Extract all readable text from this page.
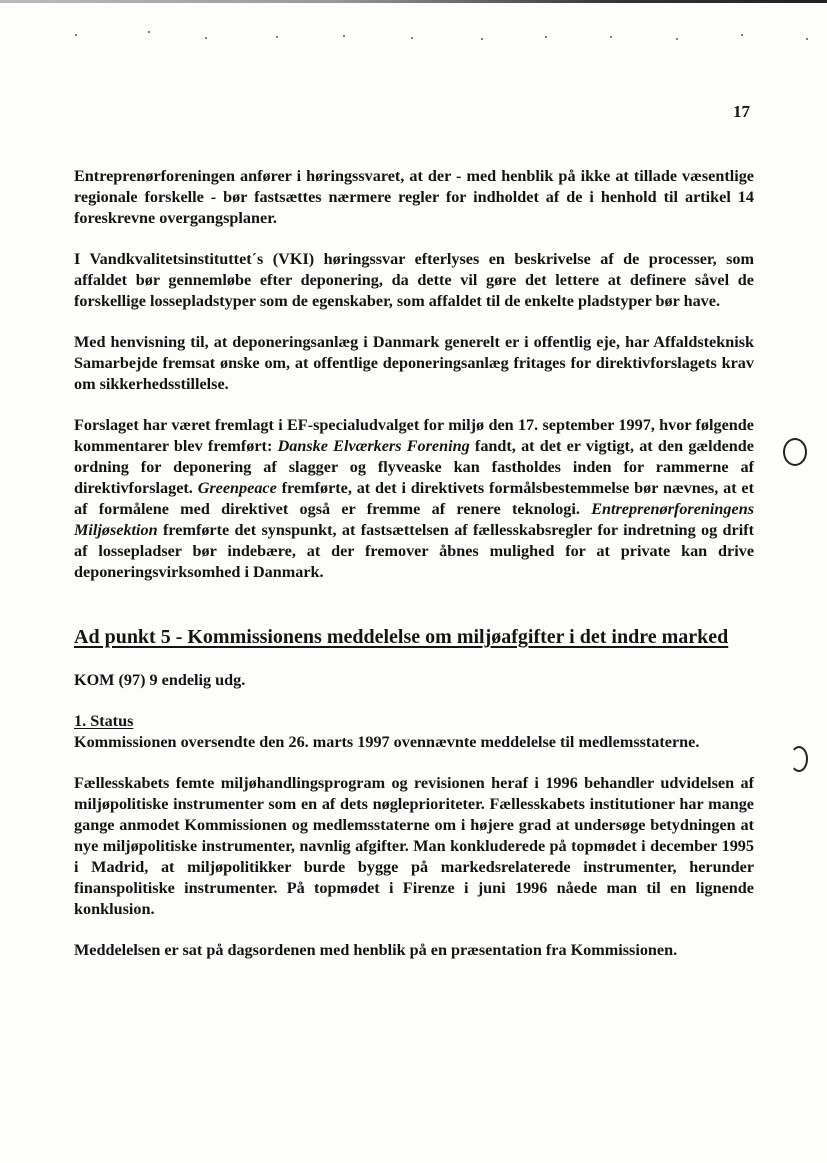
17

Entreprenørforeningen anfører i høringssvaret, at der - med henblik på ikke at tillade væsentlige regionale forskelle - bør fastsættes nærmere regler for indholdet af de i henhold til artikel 14 foreskrevne overgangsplaner.

I Vandkvalitetsinstituttet´s (VKI) høringssvar efterlyses en beskrivelse af de processer, som affaldet bør gennemløbe efter deponering, da dette vil gøre det lettere at definere såvel de forskellige lossepladstyper som de egenskaber, som affaldet til de enkelte pladstyper bør have.

Med henvisning til, at deponeringsanlæg i Danmark generelt er i offentlig eje, har Affaldsteknisk Samarbejde fremsat ønske om, at offentlige deponeringsanlæg fritages for direktivforslagets krav om sikkerhedsstillelse.

Forslaget har været fremlagt i EF-specialudvalget for miljø den 17. september 1997, hvor følgende kommentarer blev fremført: Danske Elværkers Forening fandt, at det er vigtigt, at den gældende ordning for deponering af slagger og flyveaske kan fastholdes inden for rammerne af direktivforslaget. Greenpeace fremførte, at det i direktivets formålsbestemmelse bør nævnes, at et af formålene med direktivet også er fremme af renere teknologi. Entreprenørforeningens Miljøsektion fremførte det synspunkt, at fastsættelsen af fællesskabsregler for indretning og drift af lossepladser bør indebære, at der fremover åbnes mulighed for at private kan drive deponeringsvirksomhed i Danmark.

Ad punkt 5 - Kommissionens meddelelse om miljøafgifter i det indre marked

KOM (97) 9 endelig udg.

1. Status

Kommissionen oversendte den 26. marts 1997 ovennævnte meddelelse til medlemsstaterne.

Fællesskabets femte miljøhandlingsprogram og revisionen heraf i 1996 behandler udvidelsen af miljøpolitiske instrumenter som en af dets nøgleprioriteter. Fællesskabets institutioner har mange gange anmodet Kommissionen og medlemsstaterne om i højere grad at undersøge betydningen at nye miljøpolitiske instrumenter, navnlig afgifter. Man konkluderede på topmødet i december 1995 i Madrid, at miljøpolitikker burde bygge på markedsrelaterede instrumenter, herunder finanspolitiske instrumenter. På topmødet i Firenze i juni 1996 nåede man til en lignende konklusion.

Meddelelsen er sat på dagsordenen med henblik på en præsentation fra Kommissionen.
